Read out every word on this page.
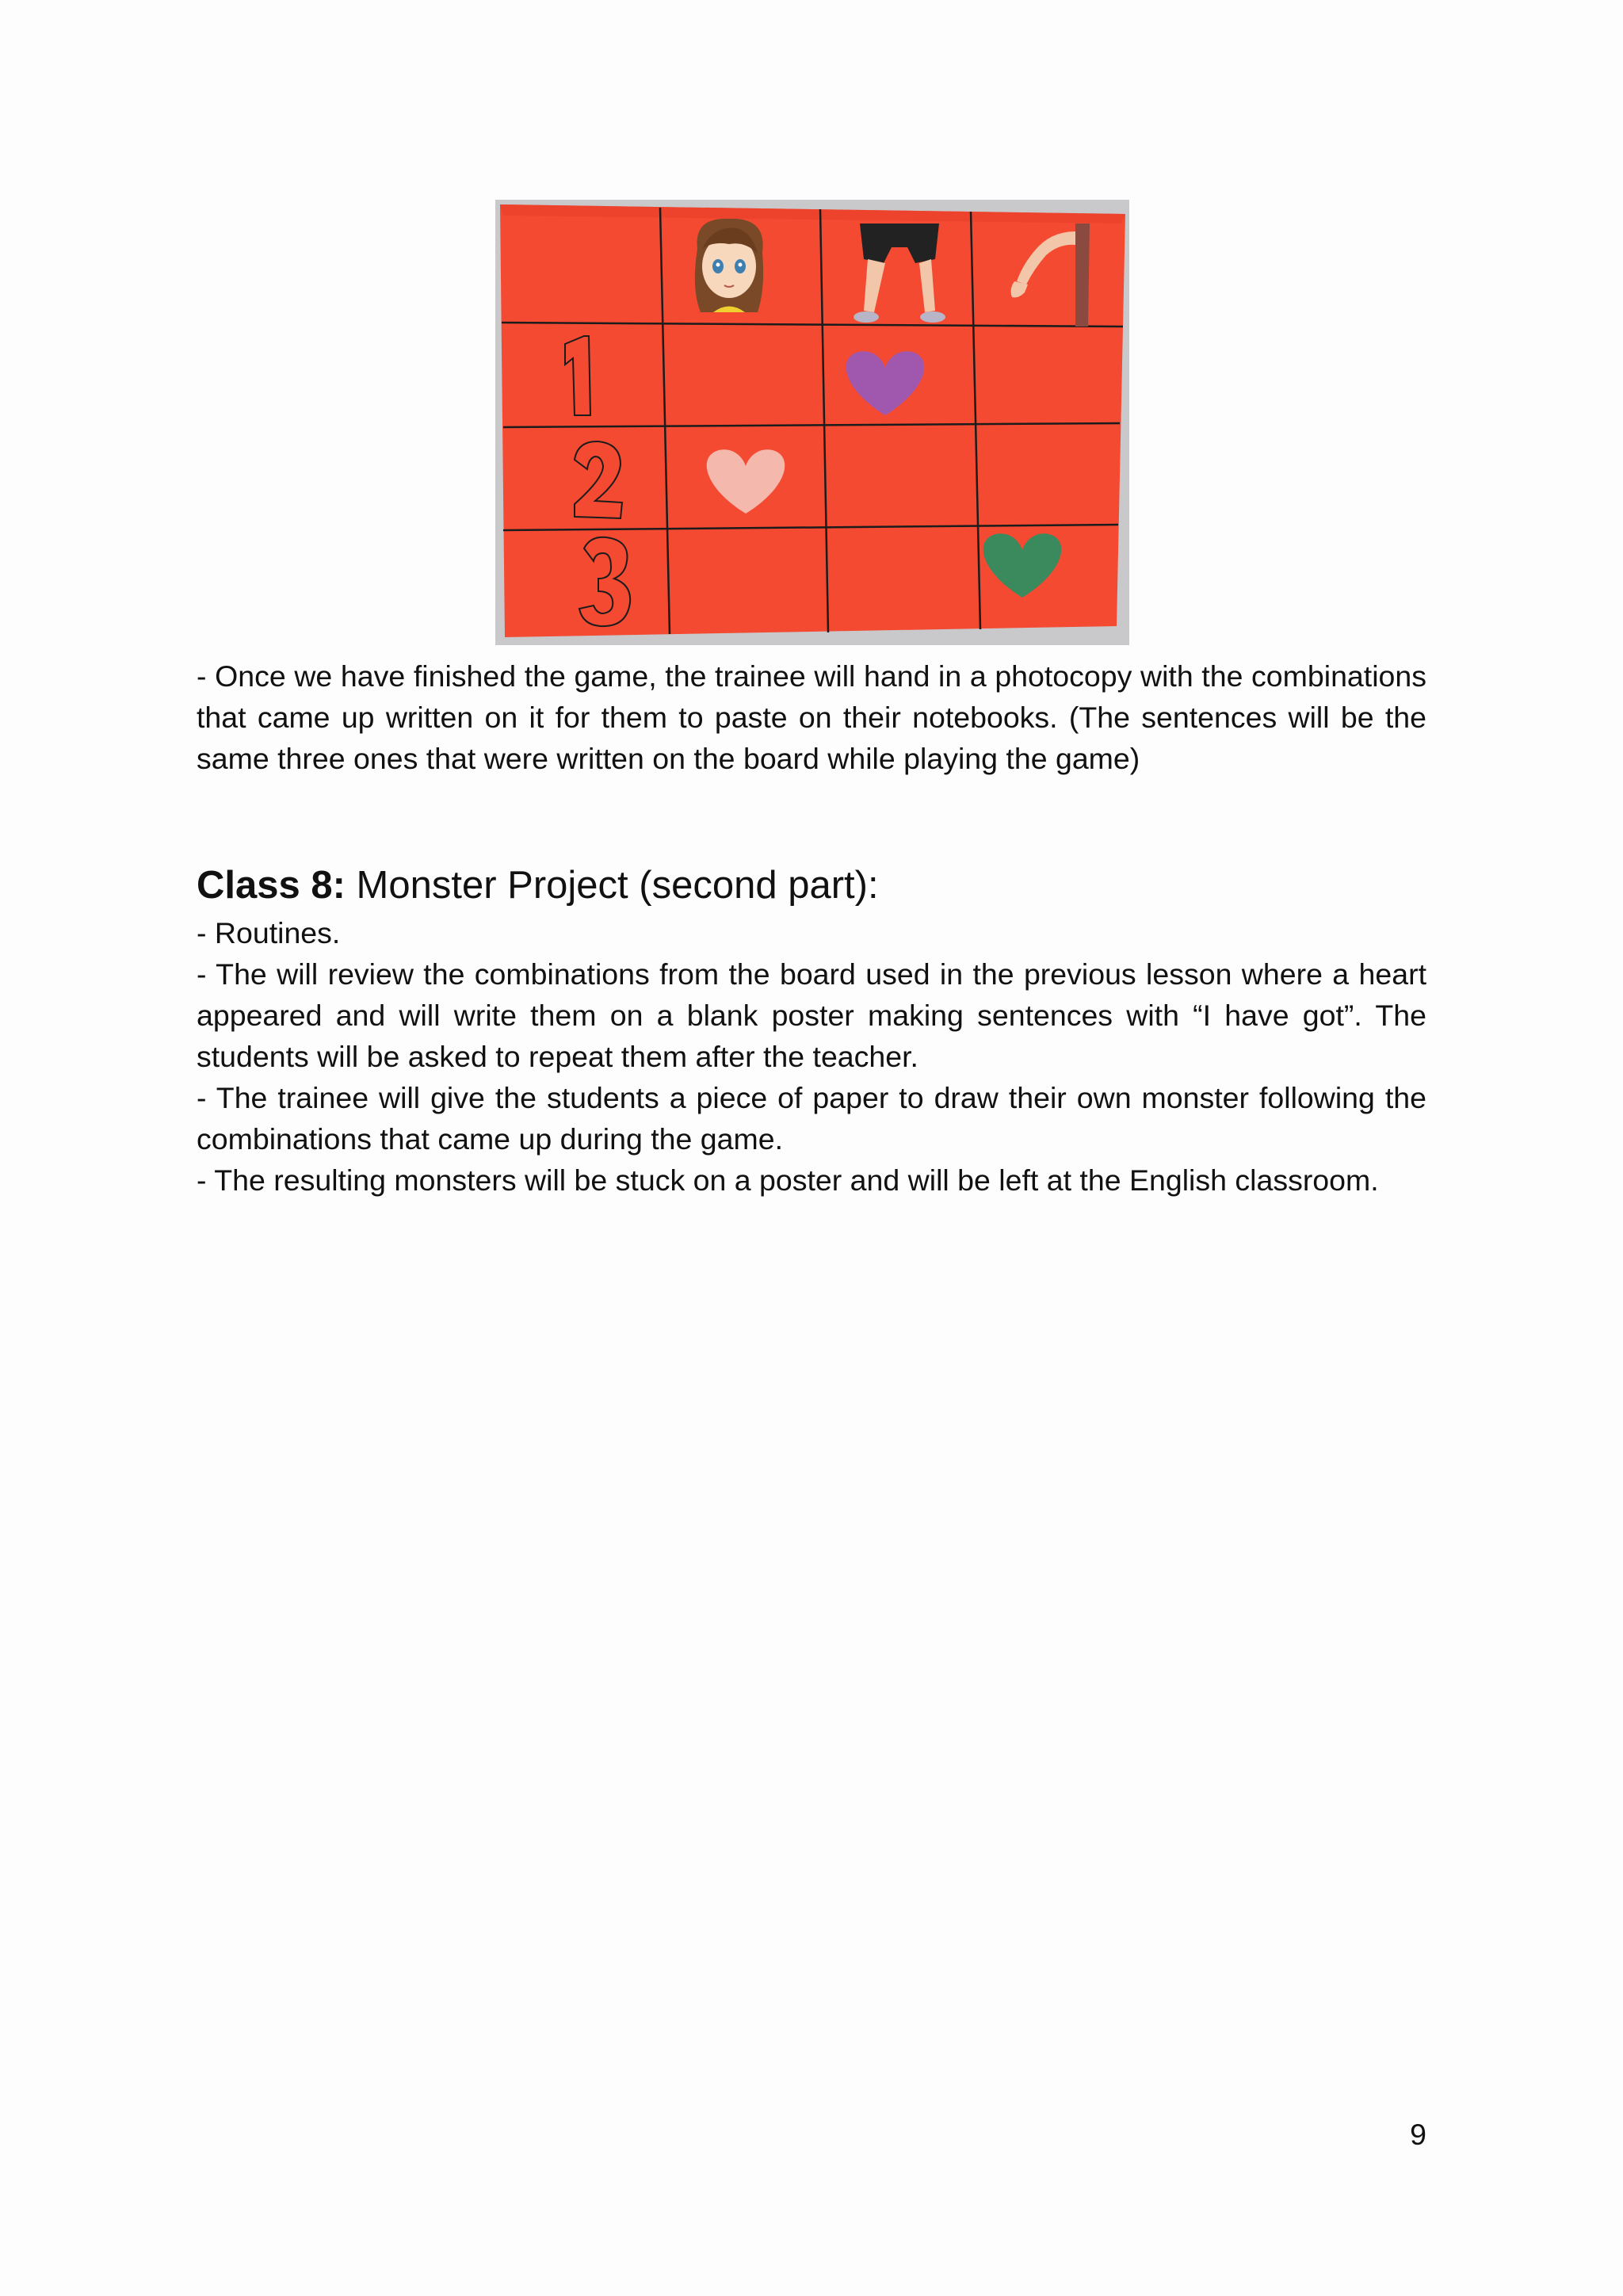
- Once we have finished the game, the trainee will hand in a photocopy with the combinations that came up written on it for them to paste on their notebooks. (The sentences will be the same three ones that were written on the board while playing the game)
Class 8: Monster Project (second part):

- Routines.

- The will review the combinations from the board used in the previous lesson where a heart appeared and will write them on a blank poster making sentences with “I have got”. The students will be asked to repeat them after the teacher.

- The trainee will give the students a piece of paper to draw their own monster following the combinations that came up during the game.

- The resulting monsters will be stuck on a poster and will be left at the English classroom.

9
